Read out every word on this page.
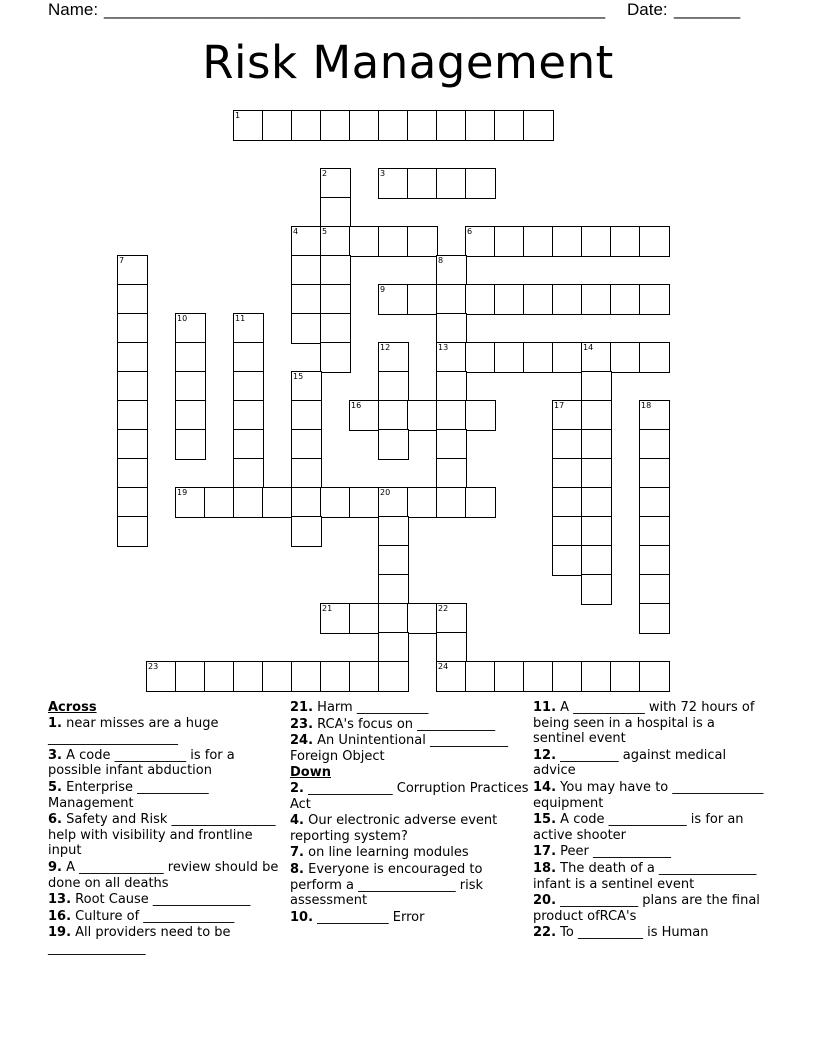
Name: _____________________________________________________ Date: _______
Risk Management
1
2	3
4	5	6
7	8
9
10	11
12	13	14
15
16	17	18
19	20
21	22
23	24
Across
1. near misses are a huge ____________________
3. A code ___________ is for a possible infant abduction
5. Enterprise ___________ Management
6. Safety and Risk ________________ help with visibility and frontline input
9. A _____________ review should be done on all deaths
13. Root Cause _______________
16. Culture of ______________
19. All providers need to be _______________
21. Harm ___________
23. RCA's focus on ____________
24. An Unintentional ____________ Foreign Object
Down
2. _____________ Corruption Practices Act
4. Our electronic adverse event reporting system?
7. on line learning modules
8. Everyone is encouraged to perform a _______________ risk assessment
10. ___________ Error
11. A ___________ with 72 hours of being seen in a hospital is a sentinel event
12. _________ against medical advice
14. You may have to ______________ equipment
15. A code ____________ is for an active shooter
17. Peer ____________
18. The death of a _______________ infant is a sentinel event
20. ____________ plans are the final product ofRCA's
22. To __________ is Human
